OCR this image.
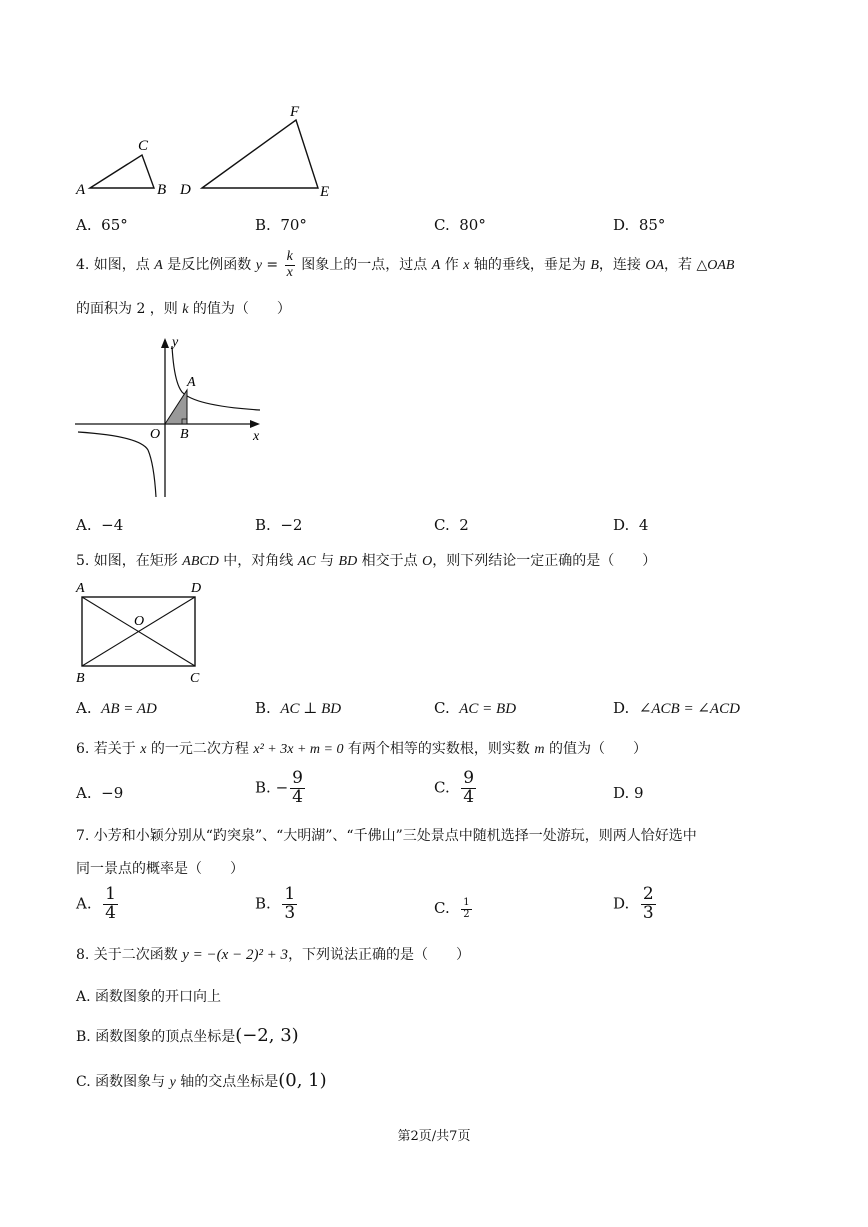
A
C
B D
F
E
A. 65°	B. 70°	C. 80°	D. 85°
4. 如图，点 A 是反比例函数 $y = \frac{k}{x}$ 图象上的一点，过点 A 作 x 轴的垂线，垂足为 B，连接 OA，若 △OAB
的面积为 2 ，则 k 的值为（　　）
y
A
O B	x
A. −4	B. −2	C. 2	D. 4
5. 如图，在矩形 ABCD 中，对角线 AC 与 BD 相交于点 O，则下列结论一定正确的是（　　）
A	D
O
B	C
A. AB = AD	B. AC ⊥ BD	C. AC = BD	D. ∠ACB = ∠ACD
6. 若关于 x 的一元二次方程 x² + 3x + m = 0 有两个相等的实数根，则实数 m 的值为（　　）
A. −9	B. − $\frac{9}{4}$	C. $\frac{9}{4}$	D. 9
7. 小芳和小颖分别从“趵突泉”、“大明湖”、“千佛山”三处景点中随机选择一处游玩，则两人恰好选中
同一景点的概率是（　　）
A. $\frac{1}{4}$	B. $\frac{1}{3}$	C. $\frac{1}{2}$	D. $\frac{2}{3}$
8. 关于二次函数 y = −(x − 2)² + 3，下列说法正确的是（　　）
A. 函数图象的开口向上
B. 函数图象的顶点坐标是(−2, 3)
C. 函数图象与 y 轴的交点坐标是(0, 1)
第2页/共7页
